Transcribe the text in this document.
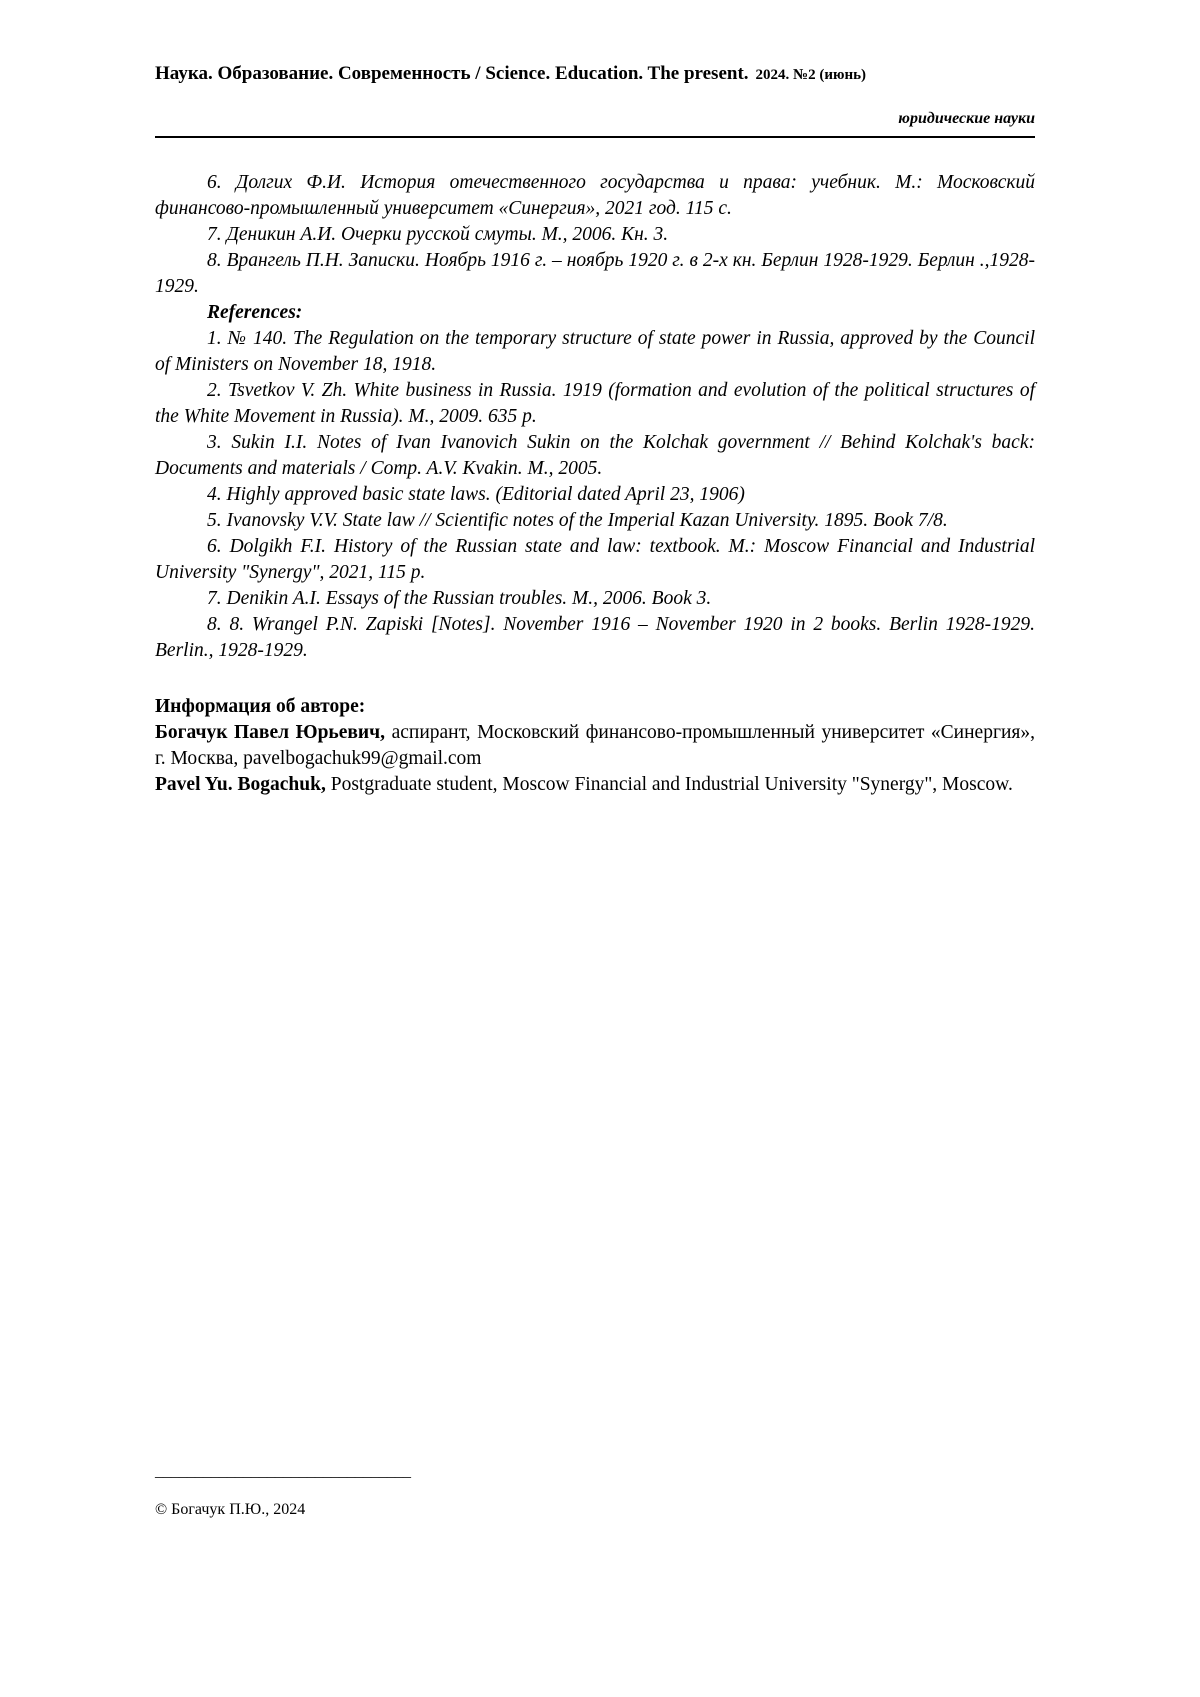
Наука. Образование. Современность / Science. Education. The present. 2024. №2 (июнь)
юридические науки

6. Долгих Ф.И. История отечественного государства и права: учебник. М.: Московский финансово-промышленный университет «Синергия», 2021 год. 115 с.

7. Деникин А.И. Очерки русской смуты. М., 2006. Кн. 3.

8. Врангель П.Н. Записки. Ноябрь 1916 г. – ноябрь 1920 г. в 2-х кн. Берлин 1928-1929. Берлин .,1928-1929.

References:

1. № 140. The Regulation on the temporary structure of state power in Russia, approved by the Council of Ministers on November 18, 1918.

2. Tsvetkov V. Zh. White business in Russia. 1919 (formation and evolution of the political structures of the White Movement in Russia). M., 2009. 635 p.

3. Sukin I.I. Notes of Ivan Ivanovich Sukin on the Kolchak government // Behind Kolchak's back: Documents and materials / Comp. A.V. Kvakin. M., 2005.

4. Highly approved basic state laws. (Editorial dated April 23, 1906)

5. Ivanovsky V.V. State law // Scientific notes of the Imperial Kazan University. 1895. Book 7/8.

6. Dolgikh F.I. History of the Russian state and law: textbook. M.: Moscow Financial and Industrial University "Synergy", 2021, 115 p.

7. Denikin A.I. Essays of the Russian troubles. M., 2006. Book 3.

8. 8. Wrangel P.N. Zapiski [Notes]. November 1916 – November 1920 in 2 books. Berlin 1928-1929. Berlin., 1928-1929.

Информация об авторе:

Богачук Павел Юрьевич, аспирант, Московский финансово-промышленный университет «Синергия», г. Москва, pavelbogachuk99@gmail.com

Pavel Yu. Bogachuk, Postgraduate student, Moscow Financial and Industrial University "Synergy", Moscow.

________________________________
© Богачук П.Ю., 2024
